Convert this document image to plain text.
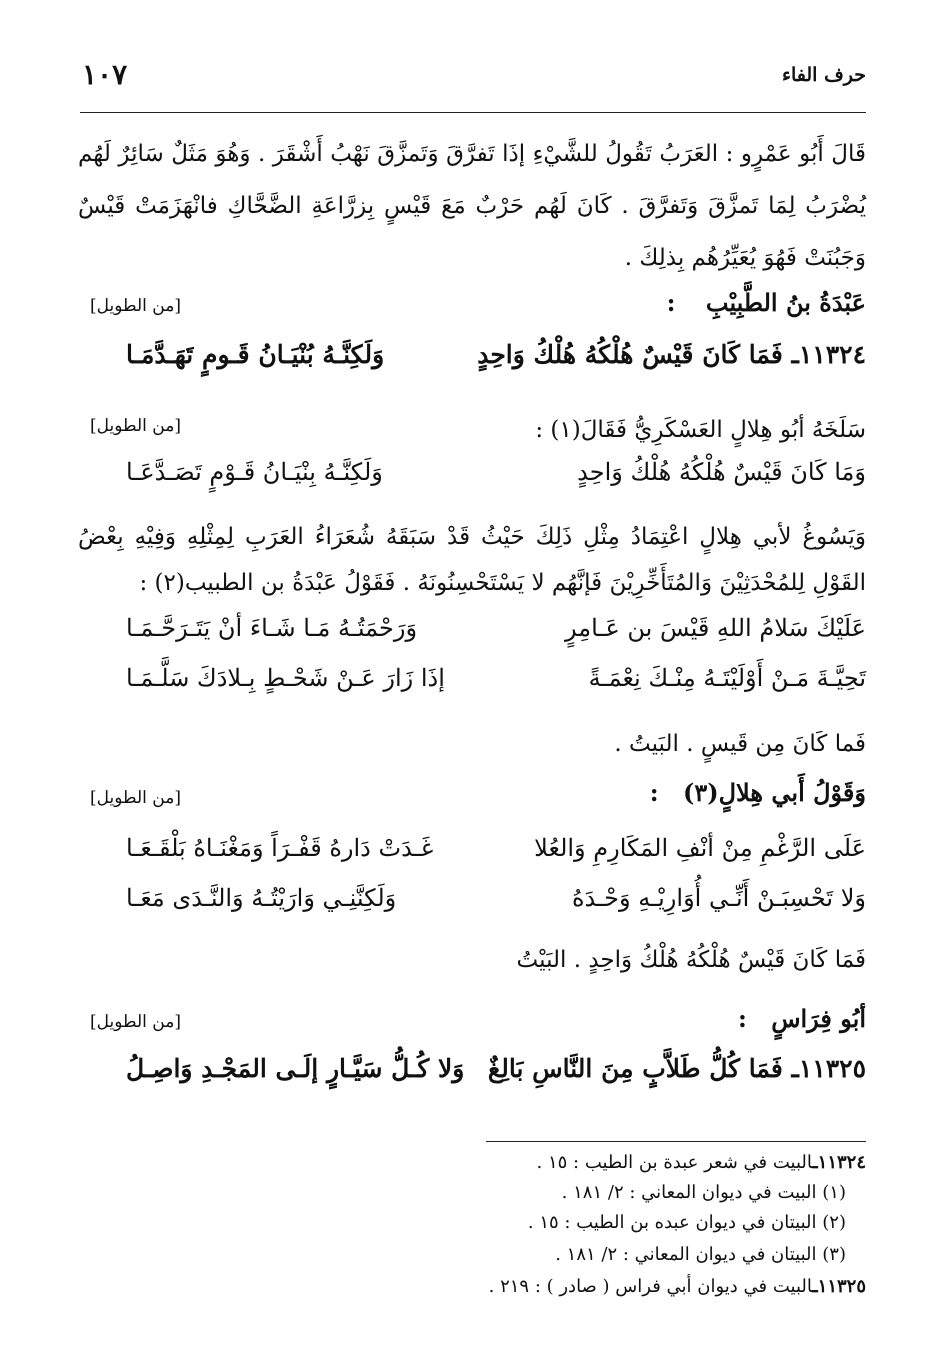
حرف الفاء
١٠٧
قَالَ أَبُو عَمْرٍو : العَرَبُ تَقُولُ للشَّيْءِ إذَا تَفرَّقَ وَتَمزَّقَ نَهْبُ أَشْقَرَ . وَهُوَ مَثَلٌ سَائِرٌ لَهُم يُضْرَبُ لِمَا تَمزَّقَ وَتَفرَّقَ . كَانَ لَهُم حَرْبٌ مَعَ قَيْسٍ بِزرَّاعَةِ الضَّحَّاكِ فانْهَزَمَتْ قَيْسٌ وَجَبُنَتْ فَهُوَ يُعَيِّرُهُم بِذلِكَ .
عَبْدَةُ بنُ الطَّبِيْبِ :
[من الطويل]
١١٣٢٤ـ فَمَا كَانَ قَيْسٌ هُلْكُهُ هُلْكُ وَاحِدٍ
وَلَكِنَّـهُ بُنْيَـانُ قَـومٍ تَهَـدَّمَـا
سَلَخَهُ أبُو هِلالٍ العَسْكَرِيُّ فَقَالَ(١) :
[من الطويل]
وَمَا كَانَ قَيْسٌ هُلْكُهُ هُلْكُ وَاحِدٍ
وَلَكِنَّـهُ بِنْيَـانُ قَـوْمٍ تَصَـدَّعَـا
وَيَسُوغُ لأبي هِلالٍ اعْتِمَادُ مِثْلِ ذَلِكَ حَيْثُ قَدْ سَبَقَهُ شُعَرَاءُ العَرَبِ لِمِثْلِهِ وَفِيْهِ بِعْضُ القَوْلِ لِلمُحْدَثِيْنَ وَالمُتَأَخِّرِيْنَ فَإنَّهُم لا يَسْتَحْسِنُونَهُ . فَقَوْلُ عَبْدَةُ بن الطبيب(٢) :
عَلَيْكَ سَلامُ اللهِ قَيْسَ بن عَـامِرٍ
وَرَحْمَتُـهُ مَـا شَـاءَ أنْ يَتَـرَحَّـمَـا
تَحِيَّـةَ مَـنْ أَوْلَيْتَـهُ مِنْـكَ نِعْمَـةً
إذَا زَارَ عَـنْ شَحْـطٍ بِـلادَكَ سَلَّـمَـا
فَما كَانَ مِن قَيسٍ . البَيتُ .
وَقَوْلُ أَبي هِلالٍ(٣) :
[من الطويل]
عَلَى الرَّغْمِ مِنْ أنْفِ المَكَارِمِ وَالعُلا
غَـدَتْ دَارهُ قَفْـرَاً وَمَغْنَـاهُ بَلْقَـعَـا
وَلا تَحْسِبَـنْ أَنِّـي أُوَارِيْـهِ وَحْـدَهُ
وَلَكِنَّنِـي وَارَيْتُـهُ وَالنَّـدَى مَعَـا
فَمَا كَانَ قَيْسٌ هُلْكُهُ هُلْكُ وَاحِدٍ . البَيْتُ
أبُو فِرَاسٍ :
[من الطويل]
١١٣٢٥ـ فَمَا كُلُّ طَلاَّبٍ مِنَ النَّاسِ بَالِغٌ
وَلا كُـلُّ سَيَّـارٍ إلَـى المَجْـدِ وَاصِـلُ
١١٣٢٤ـالبيت في شعر عبدة بن الطيب : ١٥ .
(١) البيت في ديوان المعاني : ٢/ ١٨١ .
(٢) البيتان في ديوان عبده بن الطيب : ١٥ .
(٣) البيتان في ديوان المعاني : ٢/ ١٨١ .
١١٣٢٥ـالبيت في ديوان أبي فراس ( صادر ) : ٢١٩ .
